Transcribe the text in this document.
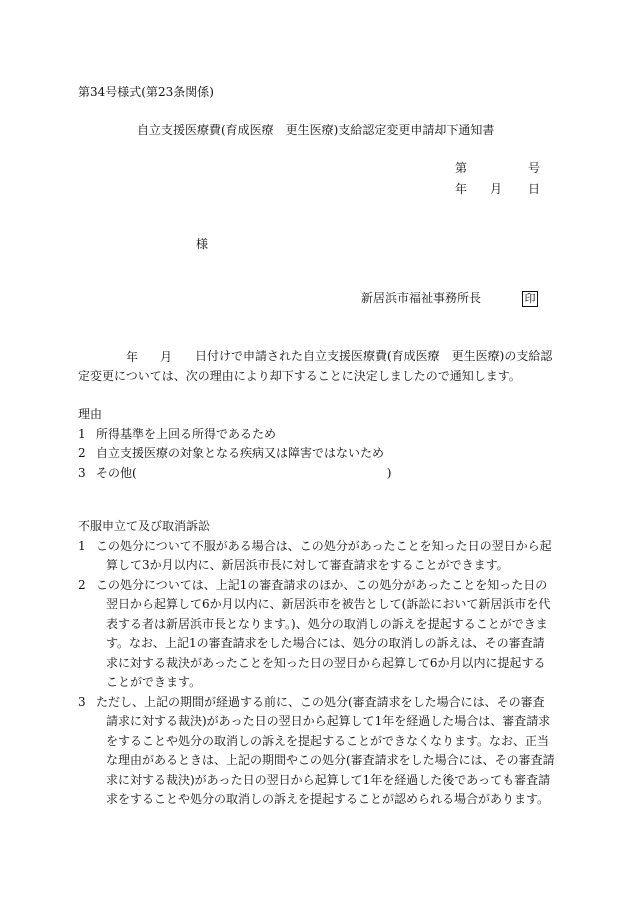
第34号様式(第23条関係)
自立支援医療費(育成医療　更生医療)支給認定変更申請却下通知書
第	号
年 月 日
様
新居浜市福祉事務所長	印
年 月	日付けで申請された自立支援医療費(育成医療　更生医療)の支給認定変更については、次の理由により却下することに決定しましたので通知します。
理由
1 所得基準を上回る所得であるため
2 自立支援医療の対象となる疾病又は障害ではないため
3 その他(	)
不服申立て及び取消訴訟
1 この処分について不服がある場合は、この処分があったことを知った日の翌日から起算して3か月以内に、新居浜市長に対して審査請求をすることができます。
2 この処分については、上記1の審査請求のほか、この処分があったことを知った日の翌日から起算して6か月以内に、新居浜市を被告として(訴訟において新居浜市を代表する者は新居浜市長となります。)、処分の取消しの訴えを提起することができます。なお、上記1の審査請求をした場合には、処分の取消しの訴えは、その審査請求に対する裁決があったことを知った日の翌日から起算して6か月以内に提起することができます。
3 ただし、上記の期間が経過する前に、この処分(審査請求をした場合には、その審査請求に対する裁決)があった日の翌日から起算して1年を経過した場合は、審査請求をすることや処分の取消しの訴えを提起することができなくなります。なお、正当な理由があるときは、上記の期間やこの処分(審査請求をした場合には、その審査請求に対する裁決)があった日の翌日から起算して1年を経過した後であっても審査請求をすることや処分の取消しの訴えを提起することが認められる場合があります。
